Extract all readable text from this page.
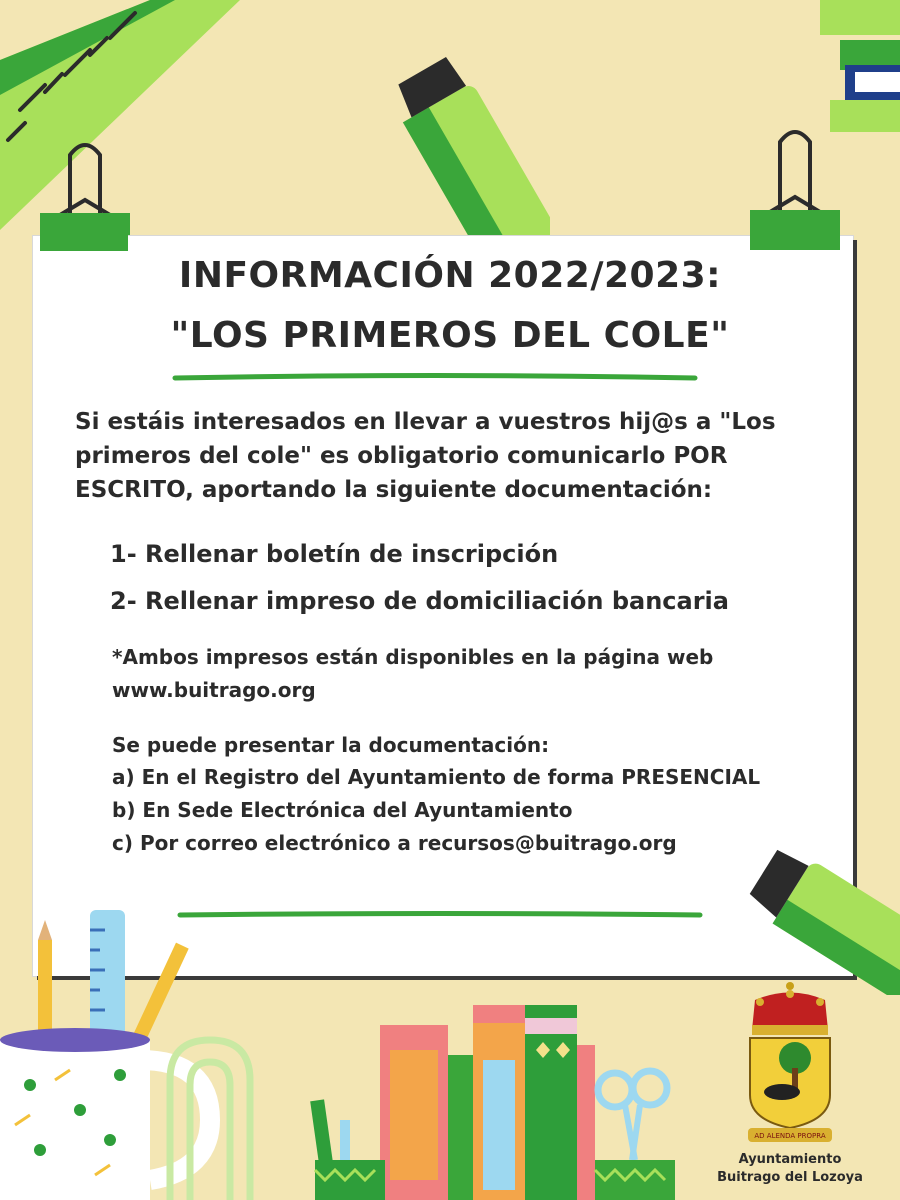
INFORMACIÓN 2022/2023:
"LOS PRIMEROS DEL COLE"
Si estáis interesados en llevar a vuestros hij@s a "Los
primeros del cole" es obligatorio comunicarlo POR
ESCRITO, aportando la siguiente documentación:
1- Rellenar boletín de inscripción
2- Rellenar impreso de domiciliación bancaria
*Ambos impresos están disponibles en la página web
www.buitrago.org
Se puede presentar la documentación:
a) En el Registro del Ayuntamiento de forma PRESENCIAL
b) En Sede Electrónica del Ayuntamiento
c) Por correo electrónico a recursos@buitrago.org
AD ALENDA PROPRA
Ayuntamiento
Buitrago del Lozoya
